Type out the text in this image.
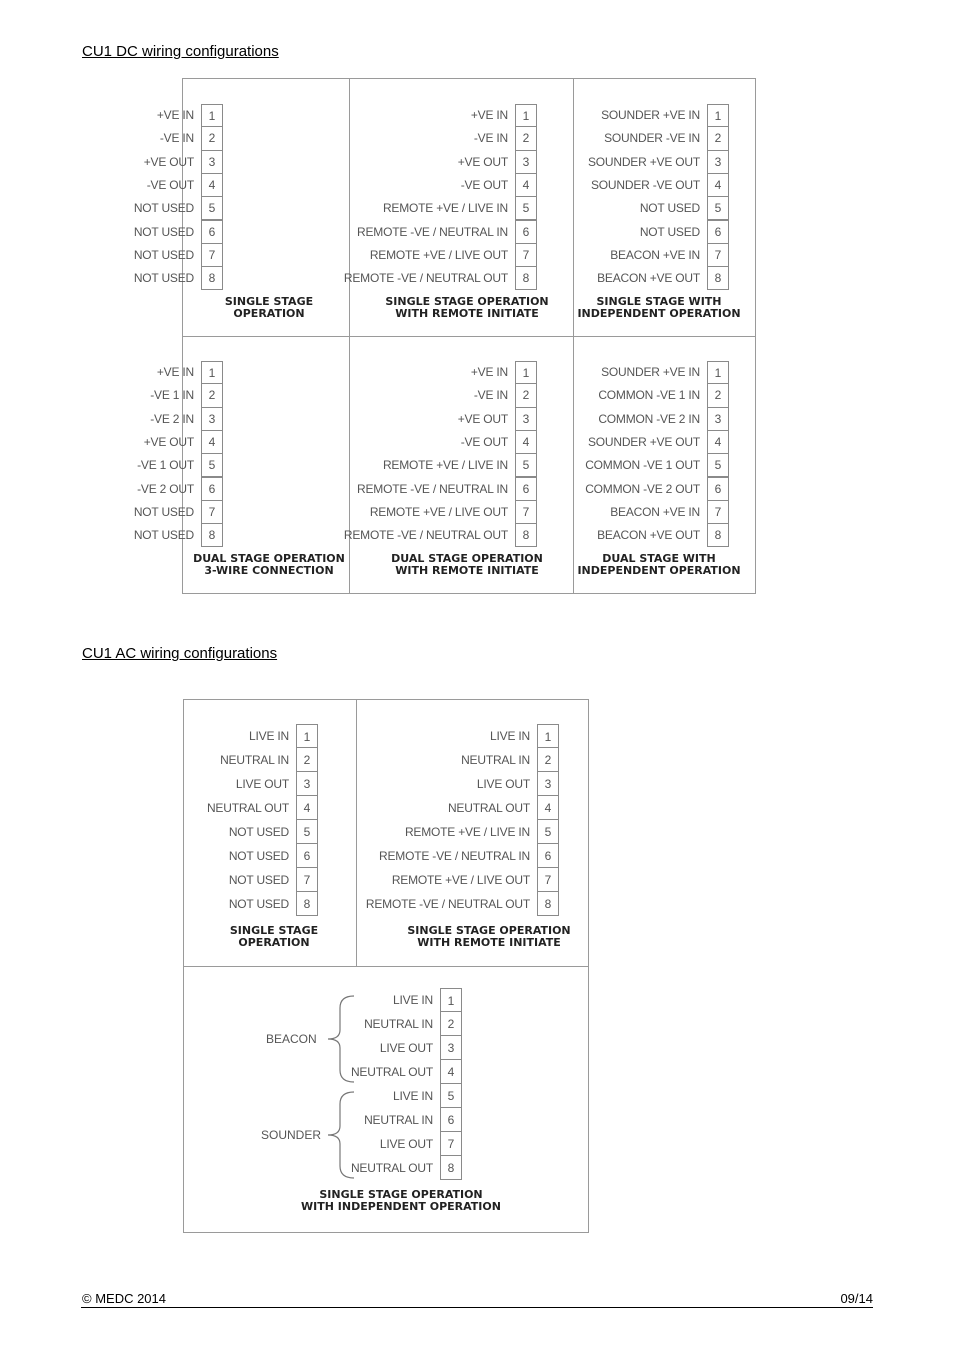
CU1 DC wiring configurations
+VE IN	1
-VE IN	2
+VE OUT	3
-VE OUT	4
NOT USED	5
NOT USED	6
NOT USED	7
NOT USED	8
SINGLE STAGE
OPERATION
+VE IN	1
-VE IN	2
+VE OUT	3
-VE OUT	4
REMOTE +VE / LIVE IN	5
REMOTE -VE / NEUTRAL IN	6
REMOTE +VE / LIVE OUT	7
REMOTE -VE / NEUTRAL OUT	8
SINGLE STAGE OPERATION
WITH REMOTE INITIATE
SOUNDER +VE IN	1
SOUNDER -VE IN	2
SOUNDER +VE OUT	3
SOUNDER -VE OUT	4
NOT USED	5
NOT USED	6
BEACON +VE IN	7
BEACON +VE OUT	8
SINGLE STAGE WITH
INDEPENDENT OPERATION
+VE IN	1
-VE 1 IN	2
-VE 2 IN	3
+VE OUT	4
-VE 1 OUT	5
-VE 2 OUT	6
NOT USED	7
NOT USED	8
DUAL STAGE OPERATION
3-WIRE CONNECTION
+VE IN	1
-VE IN	2
+VE OUT	3
-VE OUT	4
REMOTE +VE / LIVE IN	5
REMOTE -VE / NEUTRAL IN	6
REMOTE +VE / LIVE OUT	7
REMOTE -VE / NEUTRAL OUT	8
DUAL STAGE OPERATION
WITH REMOTE INITIATE
SOUNDER +VE IN	1
COMMON -VE 1 IN	2
COMMON -VE 2 IN	3
SOUNDER +VE OUT	4
COMMON -VE 1 OUT	5
COMMON -VE 2 OUT	6
BEACON +VE IN	7
BEACON +VE OUT	8
DUAL STAGE WITH
INDEPENDENT OPERATION
CU1 AC wiring configurations
LIVE IN	1
NEUTRAL IN	2
LIVE OUT	3
NEUTRAL OUT	4
NOT USED	5
NOT USED	6
NOT USED	7
NOT USED	8
SINGLE STAGE
OPERATION
LIVE IN	1
NEUTRAL IN	2
LIVE OUT	3
NEUTRAL OUT	4
REMOTE +VE / LIVE IN	5
REMOTE -VE / NEUTRAL IN	6
REMOTE +VE / LIVE OUT	7
REMOTE -VE / NEUTRAL OUT	8
SINGLE STAGE OPERATION
WITH REMOTE INITIATE
LIVE IN	1
NEUTRAL IN	2
LIVE OUT	3
NEUTRAL OUT	4
LIVE IN	5
NEUTRAL IN	6
LIVE OUT	7
NEUTRAL OUT	8
SINGLE STAGE OPERATION
WITH INDEPENDENT OPERATION
BEACON
SOUNDER
© MEDC 2014	09/14
